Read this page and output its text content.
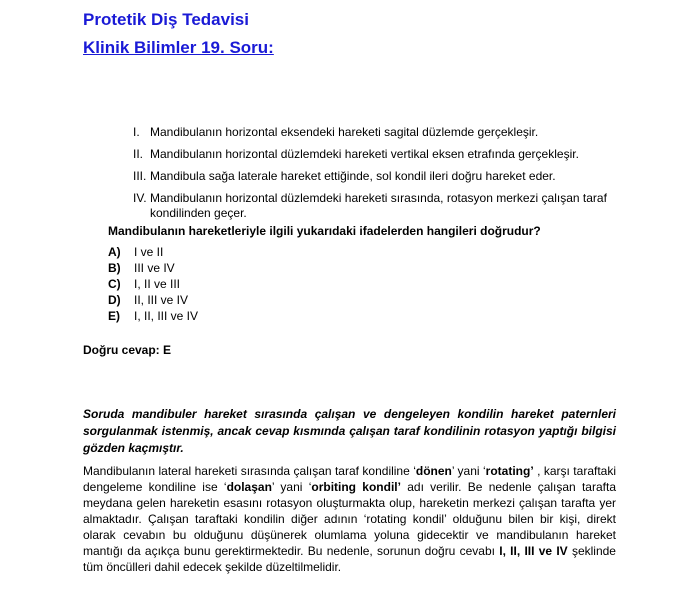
Protetik Diş Tedavisi
Klinik Bilimler 19. Soru:
I. Mandibulanın horizontal eksendeki hareketi sagital düzlemde gerçekleşir.
II. Mandibulanın horizontal düzlemdeki hareketi vertikal eksen etrafında gerçekleşir.
III. Mandibula sağa laterale hareket ettiğinde, sol kondil ileri doğru hareket eder.
IV. Mandibulanın horizontal düzlemdeki hareketi sırasında, rotasyon merkezi çalışan taraf kondilinden geçer.

Mandibulanın hareketleriyle ilgili yukarıdaki ifadelerden hangileri doğrudur?

A)	I ve II
B)	III ve IV
C)	I, II ve III
D)	II, III ve IV
E)	I, II, III ve IV

Doğru cevap: E

Soruda mandibuler hareket sırasında çalışan ve dengeleyen kondilin hareket paternleri sorgulanmak istenmiş, ancak cevap kısmında çalışan taraf kondilinin rotasyon yaptığı bilgisi gözden kaçmıştır.

Mandibulanın lateral hareketi sırasında çalışan taraf kondiline ‘dönen’ yani ‘rotating’ , karşı taraftaki dengeleme kondiline ise ‘dolaşan’ yani ‘orbiting kondil’ adı verilir. Be nedenle çalışan tarafta meydana gelen hareketin esasını rotasyon oluşturmakta olup, hareketin merkezi çalışan tarafta yer almaktadır. Çalışan taraftaki kondilin diğer adının ‘rotating kondil’ olduğunu bilen bir kişi, direkt olarak cevabın bu olduğunu düşünerek olumlama yoluna gidecektir ve mandibulanın hareket mantığı da açıkça bunu gerektirmektedir. Bu nedenle, sorunun doğru cevabı I, II, III ve IV şeklinde tüm öncülleri dahil edecek şekilde düzeltilmelidir.
